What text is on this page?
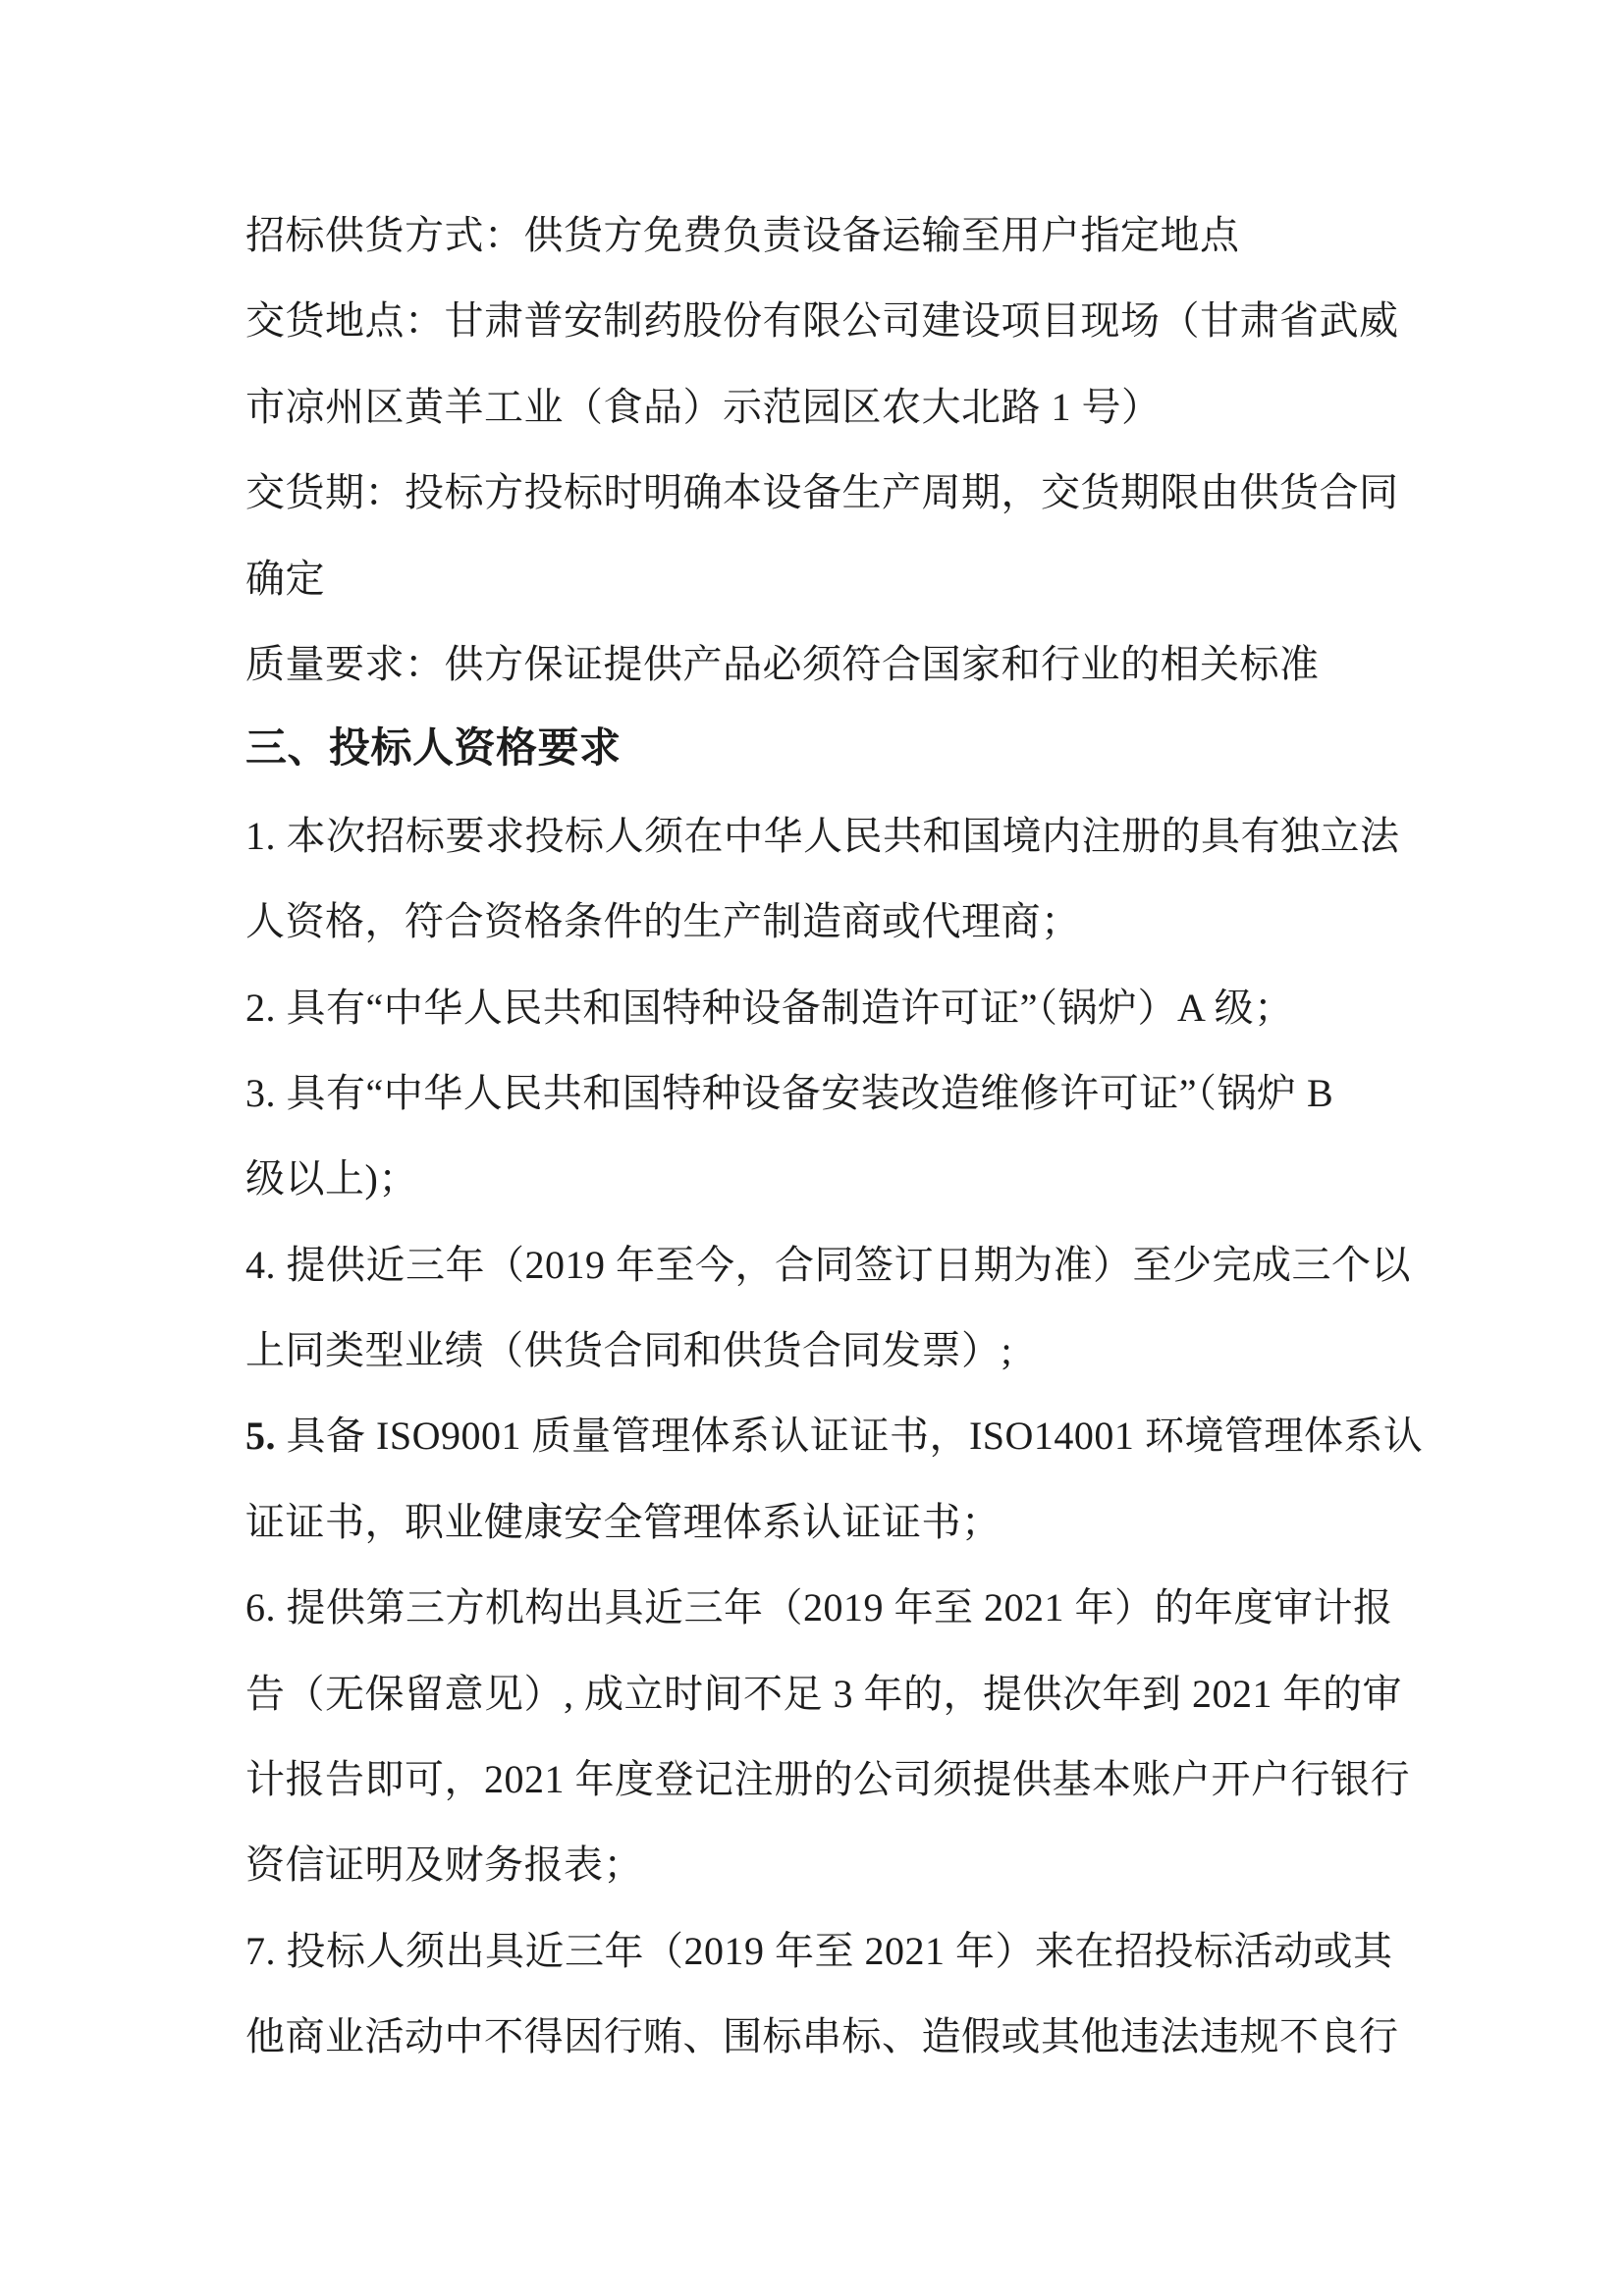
招标供货方式：供货方免费负责设备运输至用户指定地点
交货地点：甘肃普安制药股份有限公司建设项目现场（甘肃省武威
市凉州区黄羊工业（食品）示范园区农大北路 1 号）
交货期：投标方投标时明确本设备生产周期，交货期限由供货合同
确定
质量要求：供方保证提供产品必须符合国家和行业的相关标准
三、投标人资格要求
1. 本次招标要求投标人须在中华人民共和国境内注册的具有独立法
人资格，符合资格条件的生产制造商或代理商；
2. 具有“中华人民共和国特种设备制造许可证”（锅炉）A 级；
3. 具有“中华人民共和国特种设备安装改造维修许可证”（锅炉 B
级以上)；
4. 提供近三年（2019 年至今，合同签订日期为准）至少完成三个以
上同类型业绩（供货合同和供货合同发票）;
5. 具备 ISO9001 质量管理体系认证证书，ISO14001 环境管理体系认
证证书，职业健康安全管理体系认证证书；
6. 提供第三方机构出具近三年（2019 年至 2021 年）的年度审计报
告（无保留意见）, 成立时间不足 3 年的，提供次年到 2021 年的审
计报告即可，2021 年度登记注册的公司须提供基本账户开户行银行
资信证明及财务报表；
7. 投标人须出具近三年（2019 年至 2021 年）来在招投标活动或其
他商业活动中不得因行贿、围标串标、造假或其他违法违规不良行
